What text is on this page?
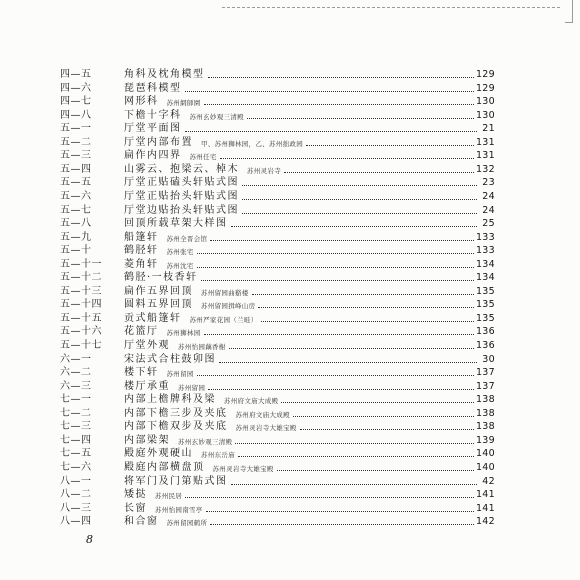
四—五	角科及枕角模型	129
四—六	琵琶科模型	129
四—七	网形科 苏州網師園	130
四—八	下檐十字科 苏州玄妙观三清殿	130
五—一	厅堂平面图	21
五—二	厅堂内部布置 甲、苏州狮林园，乙、苏州拙政园	131
五—三	扁作内四界 苏州任宅	131
五—四	山雾云、抱梁云、棹木 苏州灵岩寺	132
五—五	厅堂正贴磕头轩贴式图	23
五—六	厅堂正贴抬头轩贴式图	24
五—七	厅堂边贴抬头轩贴式图	24
五—八	回顶所载草架大样图	25
五—九	船篷轩 苏州全晋会馆	133
五—十	鹤胫轩 苏州张宅	133
五—十一	菱角轩 苏州沈宅	134
五—十二	鹤胫·一枝香轩	134
五—十三	扁作五界回顶 苏州留园曲谿楼	135
五—十四	圆料五界回顶 苏州留园揖峰山房	135
五—十五	贡式船篷轩 苏州严家花园（兰畦）	135
五—十六	花篮厅 苏州狮林园	136
五—十七	厅堂外观 苏州怡园藕香榭	136
六—一	宋法式合柱鼓卯图	30
六—二	楼下轩 苏州留园	137
六—三	楼厅承重 苏州留园	137
七—一	内部上檐牌科及梁 苏州府文庙大成殿	138
七—二	内部下檐三步及夹底 苏州府文庙大成殿	138
七—三	内部下檐双步及夹底 苏州灵岩寺大雄宝殿	138
七—四	内部梁架 苏州玄妙观三清殿	139
七—五	殿庭外观硬山 苏州东岳庙	140
七—六	殿庭内部横盘顶 苏州灵岩寺大雄宝殿	140
八—一	将军门及门第贴式图	42
八—二	矮挞 苏州民居	141
八—三	长窗 苏州怡园南雪亭	141
八—四	和合窗 苏州留园鹤所	142
8
